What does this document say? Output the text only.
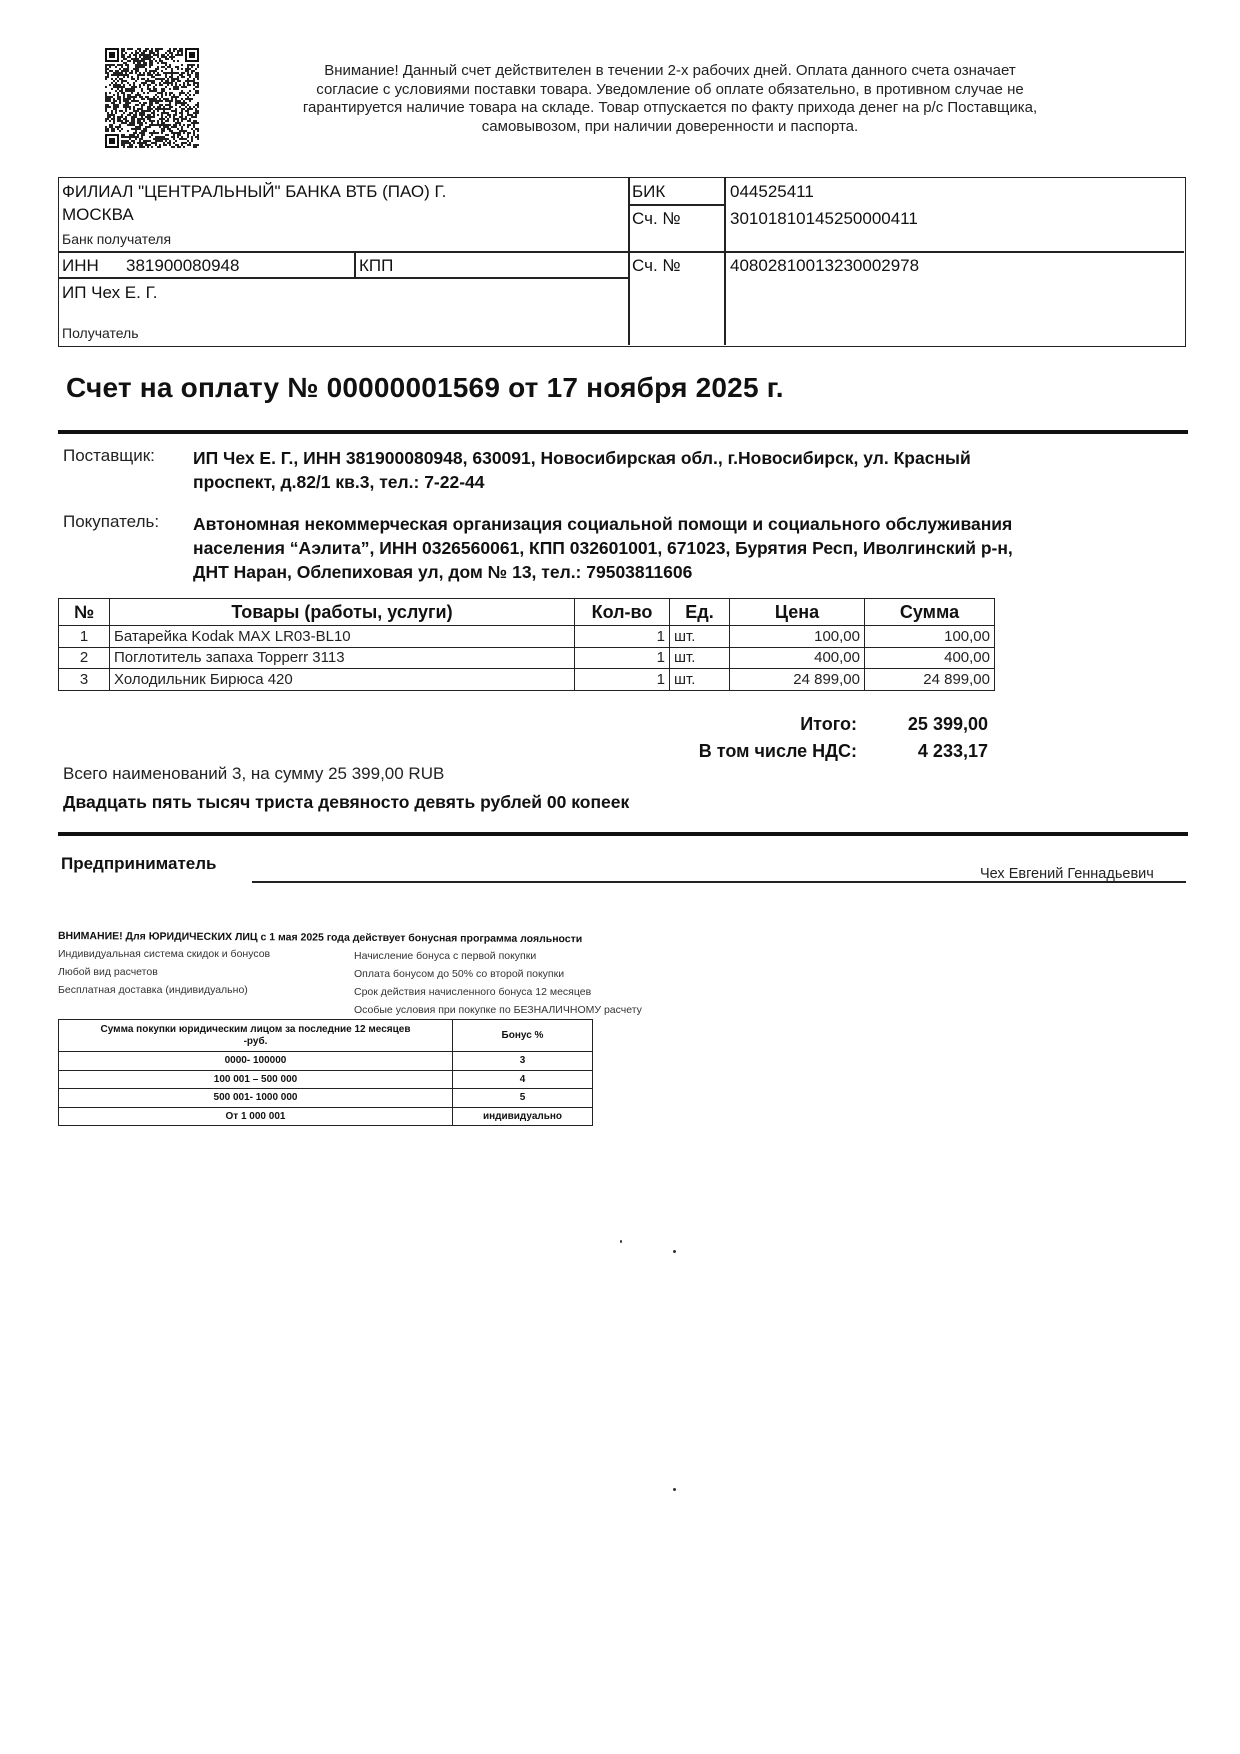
Внимание! Данный счет действителен в течении 2-х рабочих дней. Оплата данного счета означает
согласие с условиями поставки товара. Уведомление об оплате обязательно, в противном случае не
гарантируется наличие товара на складе. Товар отпускается по факту прихода денег на р/с Поставщика,
самовывозом, при наличии доверенности и паспорта.
ФИЛИАЛ "ЦЕНТРАЛЬНЫЙ" БАНКА ВТБ (ПАО) Г.
МОСКВА
Банк получателя
БИК	044525411
Сч. №	30101810145250000411
ИНН 381900080948	КПП	Сч. №	40802810013230002978
ИП Чех Е. Г.
Получатель
Счет на оплату № 00000001569 от 17 ноября 2025 г.
Поставщик: ИП Чех Е. Г., ИНН 381900080948, 630091, Новосибирская обл., г.Новосибирск, ул. Красный
проспект, д.82/1 кв.3, тел.: 7-22-44
Покупатель: Автономная некоммерческая организация социальной помощи и социального обслуживания
населения “Аэлита”, ИНН 0326560061, КПП 032601001, 671023, Бурятия Респ, Иволгинский р-н,
ДНТ Наран, Облепиховая ул, дом № 13, тел.: 79503811606
№	Товары (работы, услуги)	Кол-во	Ед.	Цена	Сумма
1	Батарейка Kodak MAX LR03-BL10	1	шт.	100,00	100,00
2	Поглотитель запаха Topperr 3113	1	шт.	400,00	400,00
3	Холодильник Бирюса 420	1	шт.	24 899,00	24 899,00
Итого:	25 399,00
В том числе НДС:	4 233,17
Всего наименований 3, на сумму 25 399,00 RUB
Двадцать пять тысяч триста девяносто девять рублей 00 копеек
Предприниматель
Чех Евгений Геннадьевич
ВНИМАНИЕ! Для ЮРИДИЧЕСКИХ ЛИЦ с 1 мая 2025 года действует бонусная программа лояльности
Индивидуальная система скидок и бонусов
Любой вид расчетов
Бесплатная доставка (индивидуально)
Начисление бонуса с первой покупки
Оплата бонусом до 50% со второй покупки
Срок действия начисленного бонуса 12 месяцев
Особые условия при покупке по БЕЗНАЛИЧНОМУ расчету
Сумма покупки юридическим лицом за последние 12 месяцев
-руб.	Бонус %
0000- 100000	3
100 001 – 500 000	4
500 001- 1000 000	5
От 1 000 001	индивидуально
